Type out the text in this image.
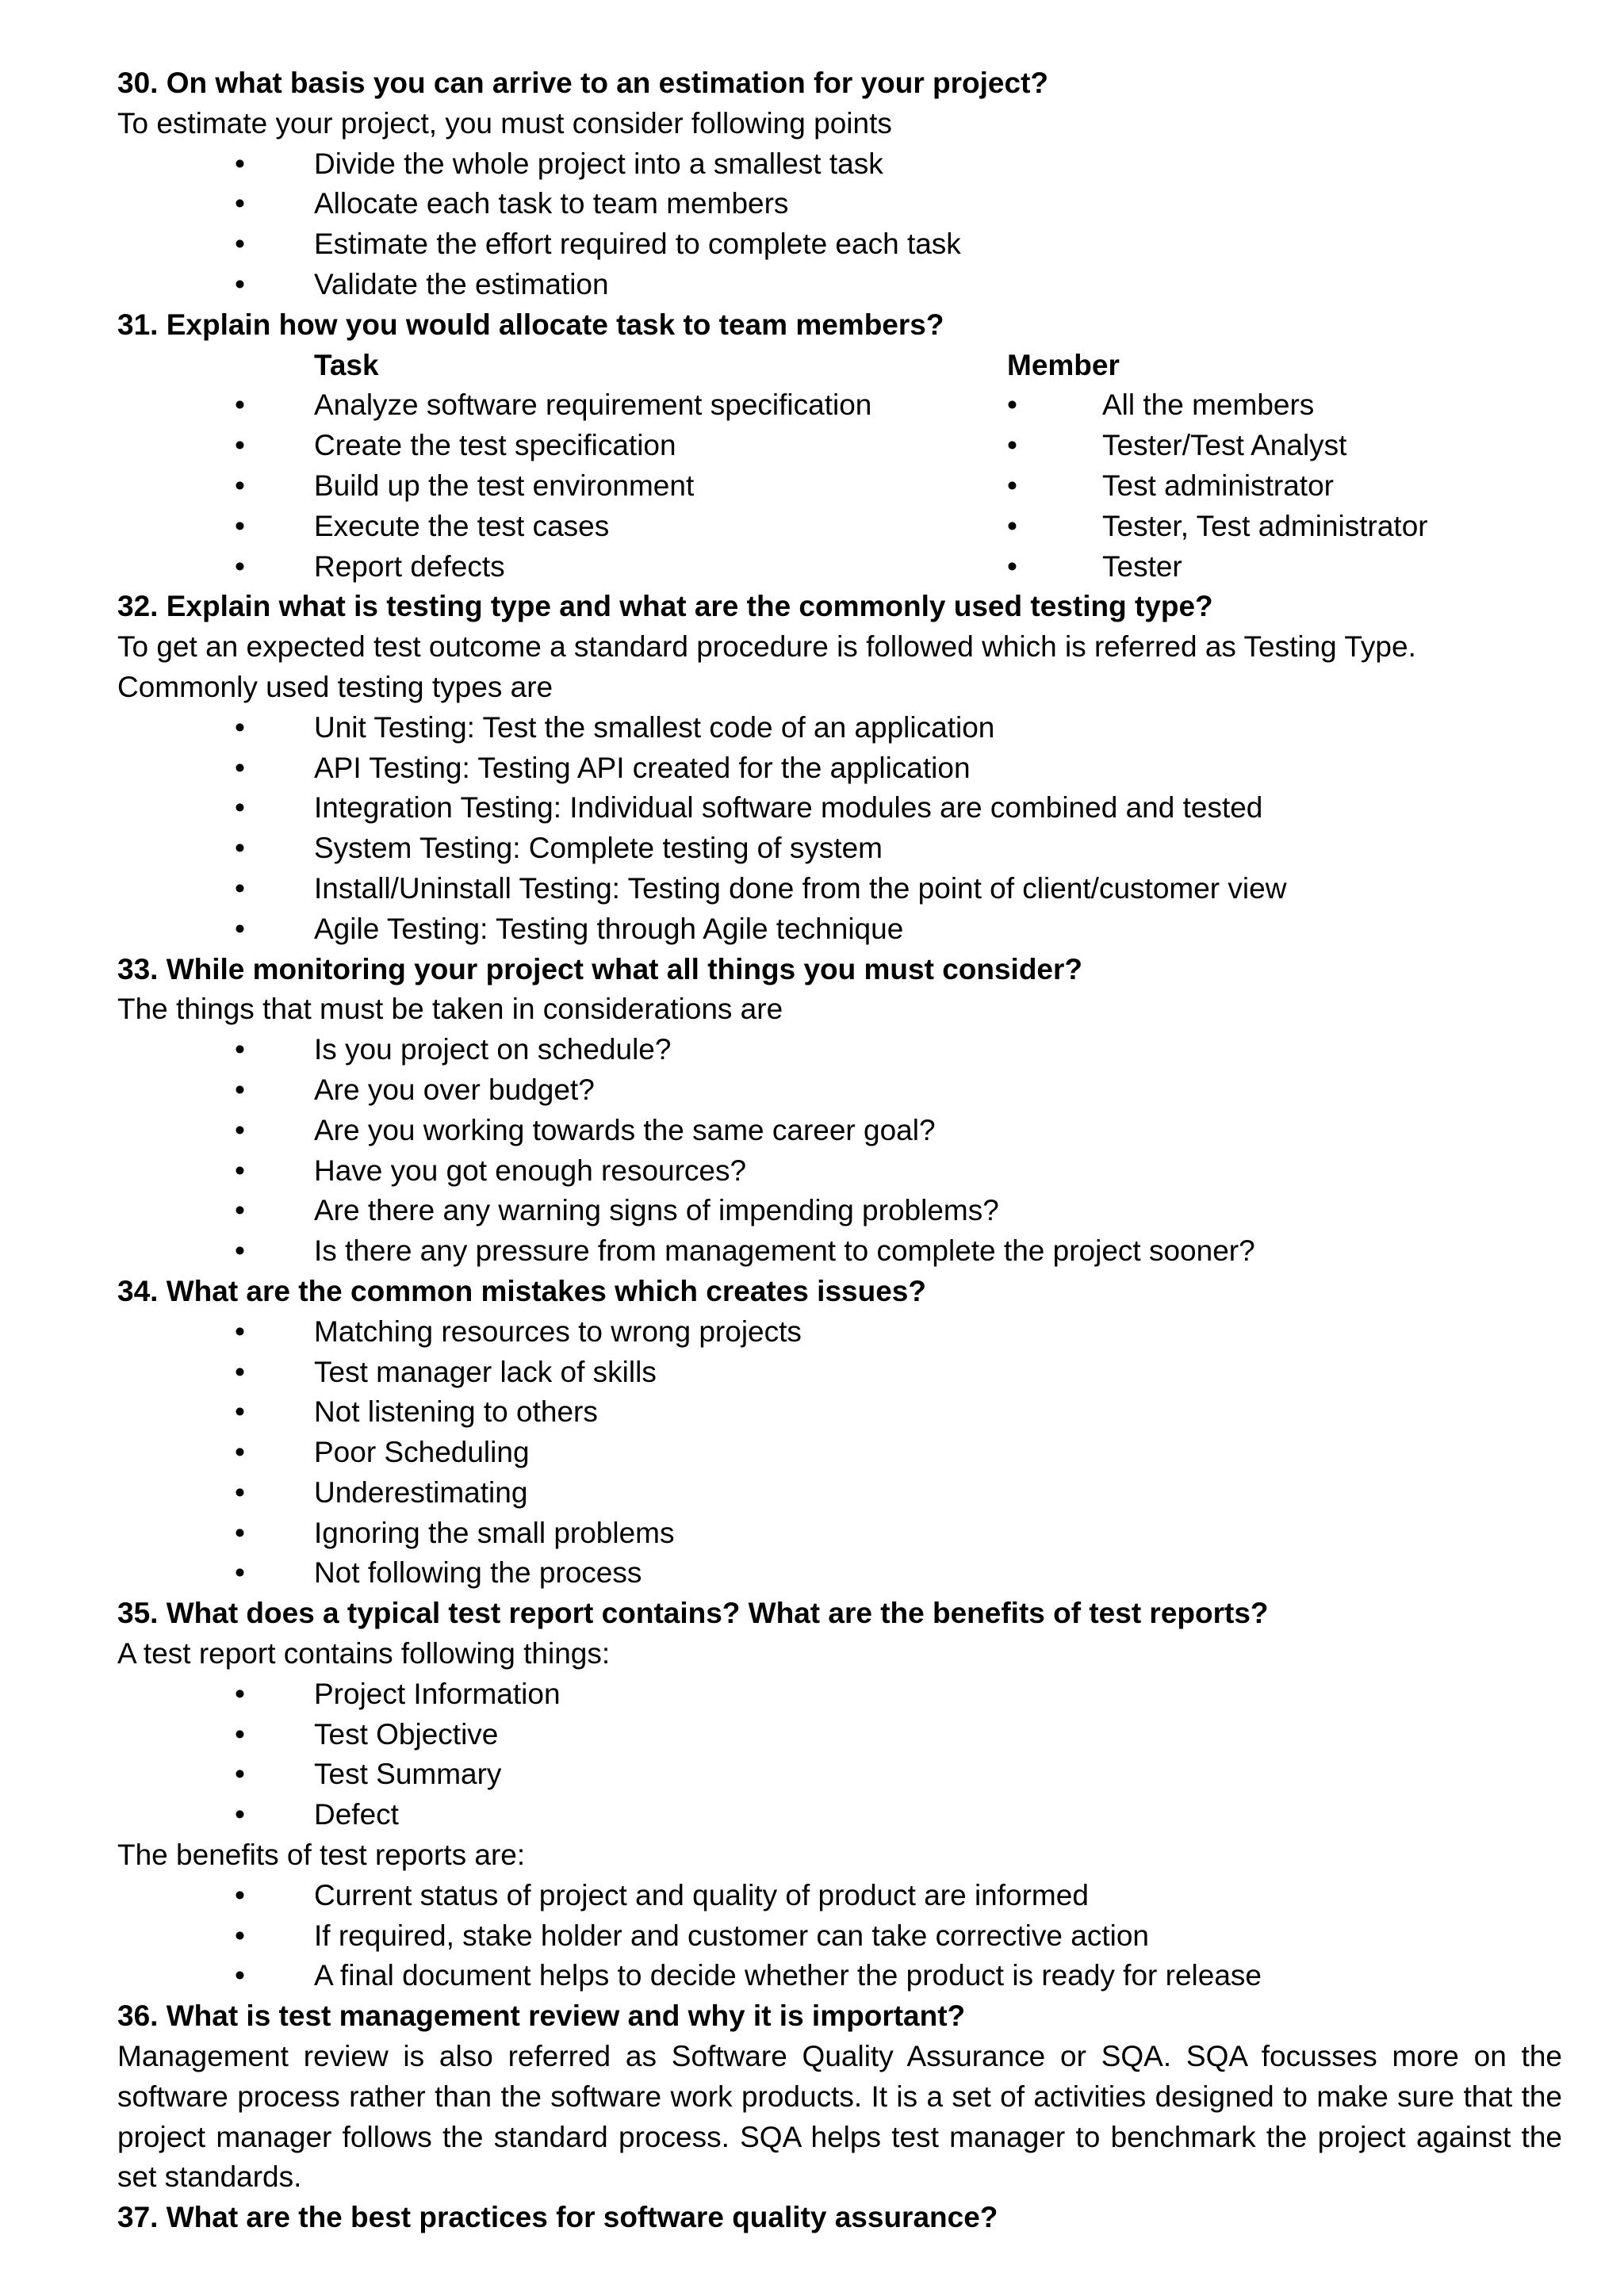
30. On what basis you can arrive to an estimation for your project?
To estimate your project, you must consider following points
• Divide the whole project into a smallest task
• Allocate each task to team members
• Estimate the effort required to complete each task
• Validate the estimation
31. Explain how you would allocate task to team members?
Task	Member
• Analyze software requirement specification	•	All the members
• Create the test specification	•	Tester/Test Analyst
• Build up the test environment	•	Test administrator
• Execute the test cases	•	Tester, Test administrator
• Report defects	•	Tester
32. Explain what is testing type and what are the commonly used testing type?
To get an expected test outcome a standard procedure is followed which is referred as Testing Type.
Commonly used testing types are
• Unit Testing: Test the smallest code of an application
• API Testing: Testing API created for the application
• Integration Testing: Individual software modules are combined and tested
• System Testing: Complete testing of system
• Install/Uninstall Testing: Testing done from the point of client/customer view
• Agile Testing: Testing through Agile technique
33. While monitoring your project what all things you must consider?
The things that must be taken in considerations are
• Is you project on schedule?
• Are you over budget?
• Are you working towards the same career goal?
• Have you got enough resources?
• Are there any warning signs of impending problems?
• Is there any pressure from management to complete the project sooner?
34. What are the common mistakes which creates issues?
• Matching resources to wrong projects
• Test manager lack of skills
• Not listening to others
• Poor Scheduling
• Underestimating
• Ignoring the small problems
• Not following the process
35. What does a typical test report contains? What are the benefits of test reports?
A test report contains following things:
• Project Information
• Test Objective
• Test Summary
• Defect
The benefits of test reports are:
• Current status of project and quality of product are informed
• If required, stake holder and customer can take corrective action
• A final document helps to decide whether the product is ready for release
36. What is test management review and why it is important?
Management review is also referred as Software Quality Assurance or SQA. SQA focusses more on the software process rather than the software work products. It is a set of activities designed to make sure that the project manager follows the standard process. SQA helps test manager to benchmark the project against the set standards.
37. What are the best practices for software quality assurance?
